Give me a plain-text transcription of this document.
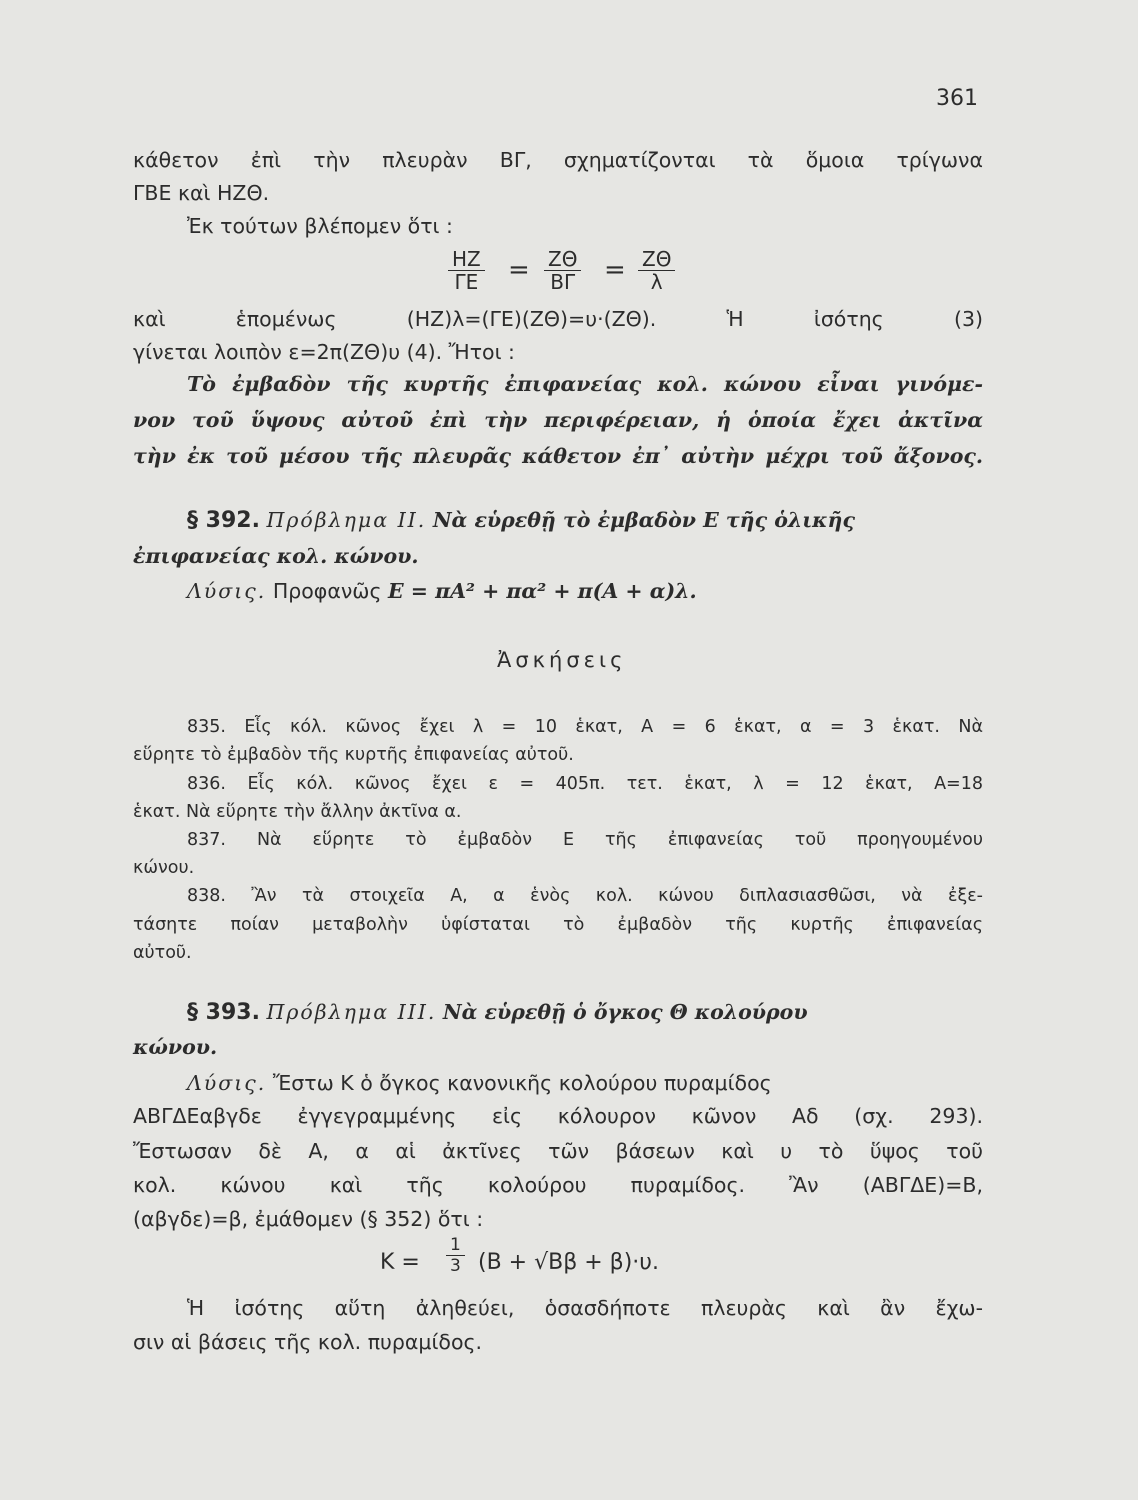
361
κάθετον ἐπὶ τὴν πλευρὰν ΒΓ, σχηματίζονται τὰ ὅμοια τρίγωνα
ΓΒΕ καὶ ΗΖΘ.
Ἐκ τούτων βλέπομεν ὅτι :
$\frac{HZ}{\Gamma E} = \frac{Z\Theta}{B\Gamma} = \frac{Z\Theta}{\lambda}$
καὶ ἑπομένως (ΗΖ)λ=(ΓΕ)(ΖΘ)=υ·(ΖΘ). Ἡ ἰσότης (3)
γίνεται λοιπὸν ε=2π(ΖΘ)υ (4). Ἤτοι :
Τὸ ἐμβαδὸν τῆς κυρτῆς ἐπιφανείας κολ. κώνου εἶναι γινόμε-
νον τοῦ ὕψους αὐτοῦ ἐπὶ τὴν περιφέρειαν, ἡ ὁποία ἔχει ἀκτῖνα
τὴν ἐκ τοῦ μέσου τῆς πλευρᾶς κάθετον ἐπ᾿ αὐτὴν μέχρι τοῦ ἄξονος.
§ 392. Πρόβλημα ΙΙ. Νὰ εὑρεθῇ τὸ ἐμβαδὸν Ε τῆς ὁλικῆς
ἐπιφανείας κολ. κώνου.
Λύσις. Προφανῶς Ε = πΑ² + πα² + π(Α + α)λ.
Ἀσκήσεις
835. Εἷς κόλ. κῶνος ἔχει λ = 10 ἑκατ, Α = 6 ἑκατ, α = 3 ἑκατ. Νὰ
εὕρητε τὸ ἐμβαδὸν τῆς κυρτῆς ἐπιφανείας αὐτοῦ.
836. Εἷς κόλ. κῶνος ἔχει ε = 405π. τετ. ἑκατ, λ = 12 ἑκατ, Α=18
ἑκατ. Νὰ εὕρητε τὴν ἄλλην ἀκτῖνα α.
837. Νὰ εὕρητε τὸ ἐμβαδὸν Ε τῆς ἐπιφανείας τοῦ προηγουμένου
κώνου.
838. Ἂν τὰ στοιχεῖα Α, α ἑνὸς κολ. κώνου διπλασιασθῶσι, νὰ ἐξε-
τάσητε ποίαν μεταβολὴν ὑφίσταται τὸ ἐμβαδὸν τῆς κυρτῆς ἐπιφανείας
αὐτοῦ.
§ 393. Πρόβλημα ΙΙΙ. Νὰ εὑρεθῇ ὁ ὄγκος Θ κολούρου
κώνου.
Λύσις. Ἔστω Κ ὁ ὄγκος κανονικῆς κολούρου πυραμίδος
ΑΒΓΔΕαβγδε ἐγγεγραμμένης εἰς κόλουρον κῶνον Αδ (σχ. 293).
Ἔστωσαν δὲ Α, α αἱ ἀκτῖνες τῶν βάσεων καὶ υ τὸ ὕψος τοῦ
κολ. κώνου καὶ τῆς κολούρου πυραμίδος. Ἂν (ΑΒΓΔΕ)=Β,
(αβγδε)=β, ἐμάθομεν (§ 352) ὅτι :
Κ =	$\frac{1}{3} (B + √B\beta + \beta)\cdot\upsilon$.
Ἡ ἰσότης αὕτη ἀληθεύει, ὁσασδήποτε πλευρὰς καὶ ἂν ἔχω-
σιν αἱ βάσεις τῆς κολ. πυραμίδος.
